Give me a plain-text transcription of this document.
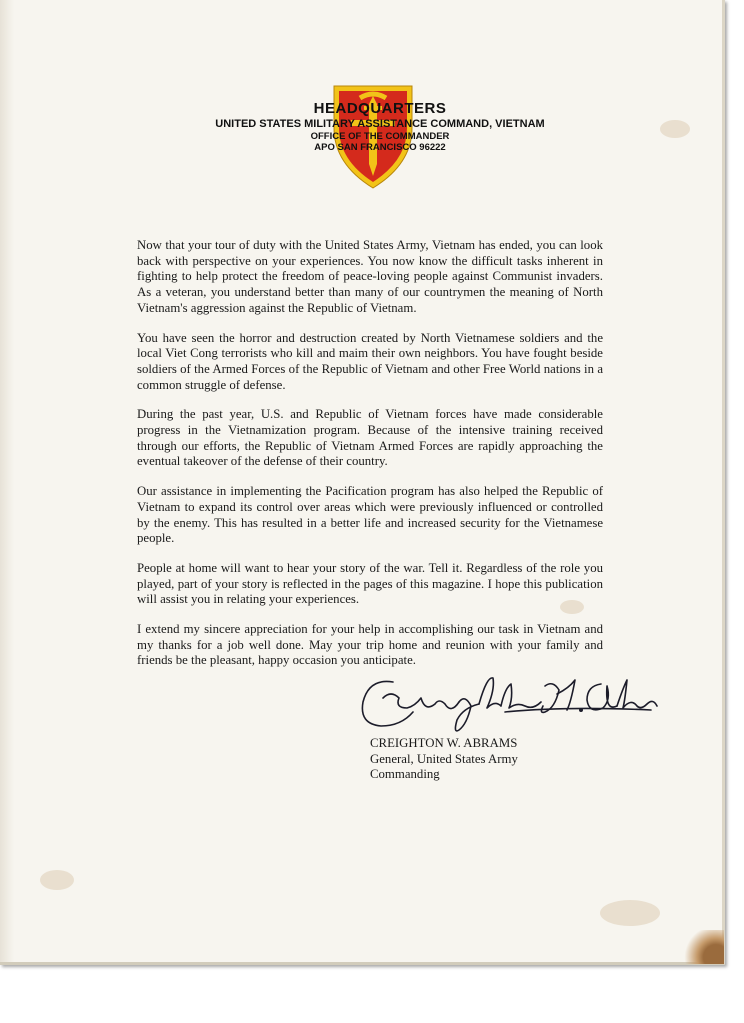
HEADQUARTERS
UNITED STATES MILITARY ASSISTANCE COMMAND, VIETNAM
OFFICE OF THE COMMANDER
APO SAN FRANCISCO 96222

Now that your tour of duty with the United States Army, Vietnam has ended, you can look back with perspective on your experiences. You now know the difficult tasks inherent in fighting to help protect the freedom of peace-loving people against Communist invaders. As a veteran, you understand better than many of our countrymen the meaning of North Vietnam's aggression against the Republic of Vietnam.

You have seen the horror and destruction created by North Vietnamese soldiers and the local Viet Cong terrorists who kill and maim their own neighbors. You have fought beside soldiers of the Armed Forces of the Republic of Vietnam and other Free World nations in a common struggle of defense.

During the past year, U.S. and Republic of Vietnam forces have made considerable progress in the Vietnamization program. Because of the intensive training received through our efforts, the Republic of Vietnam Armed Forces are rapidly approaching the eventual takeover of the defense of their country.

Our assistance in implementing the Pacification program has also helped the Republic of Vietnam to expand its control over areas which were previously influenced or controlled by the enemy. This has resulted in a better life and increased security for the Vietnamese people.

People at home will want to hear your story of the war. Tell it. Regardless of the role you played, part of your story is reflected in the pages of this magazine. I hope this publication will assist you in relating your experiences.

I extend my sincere appreciation for your help in accomplishing our task in Vietnam and my thanks for a job well done. May your trip home and reunion with your family and friends be the pleasant, happy occasion you anticipate.

CREIGHTON W. ABRAMS
General, United States Army
Commanding
